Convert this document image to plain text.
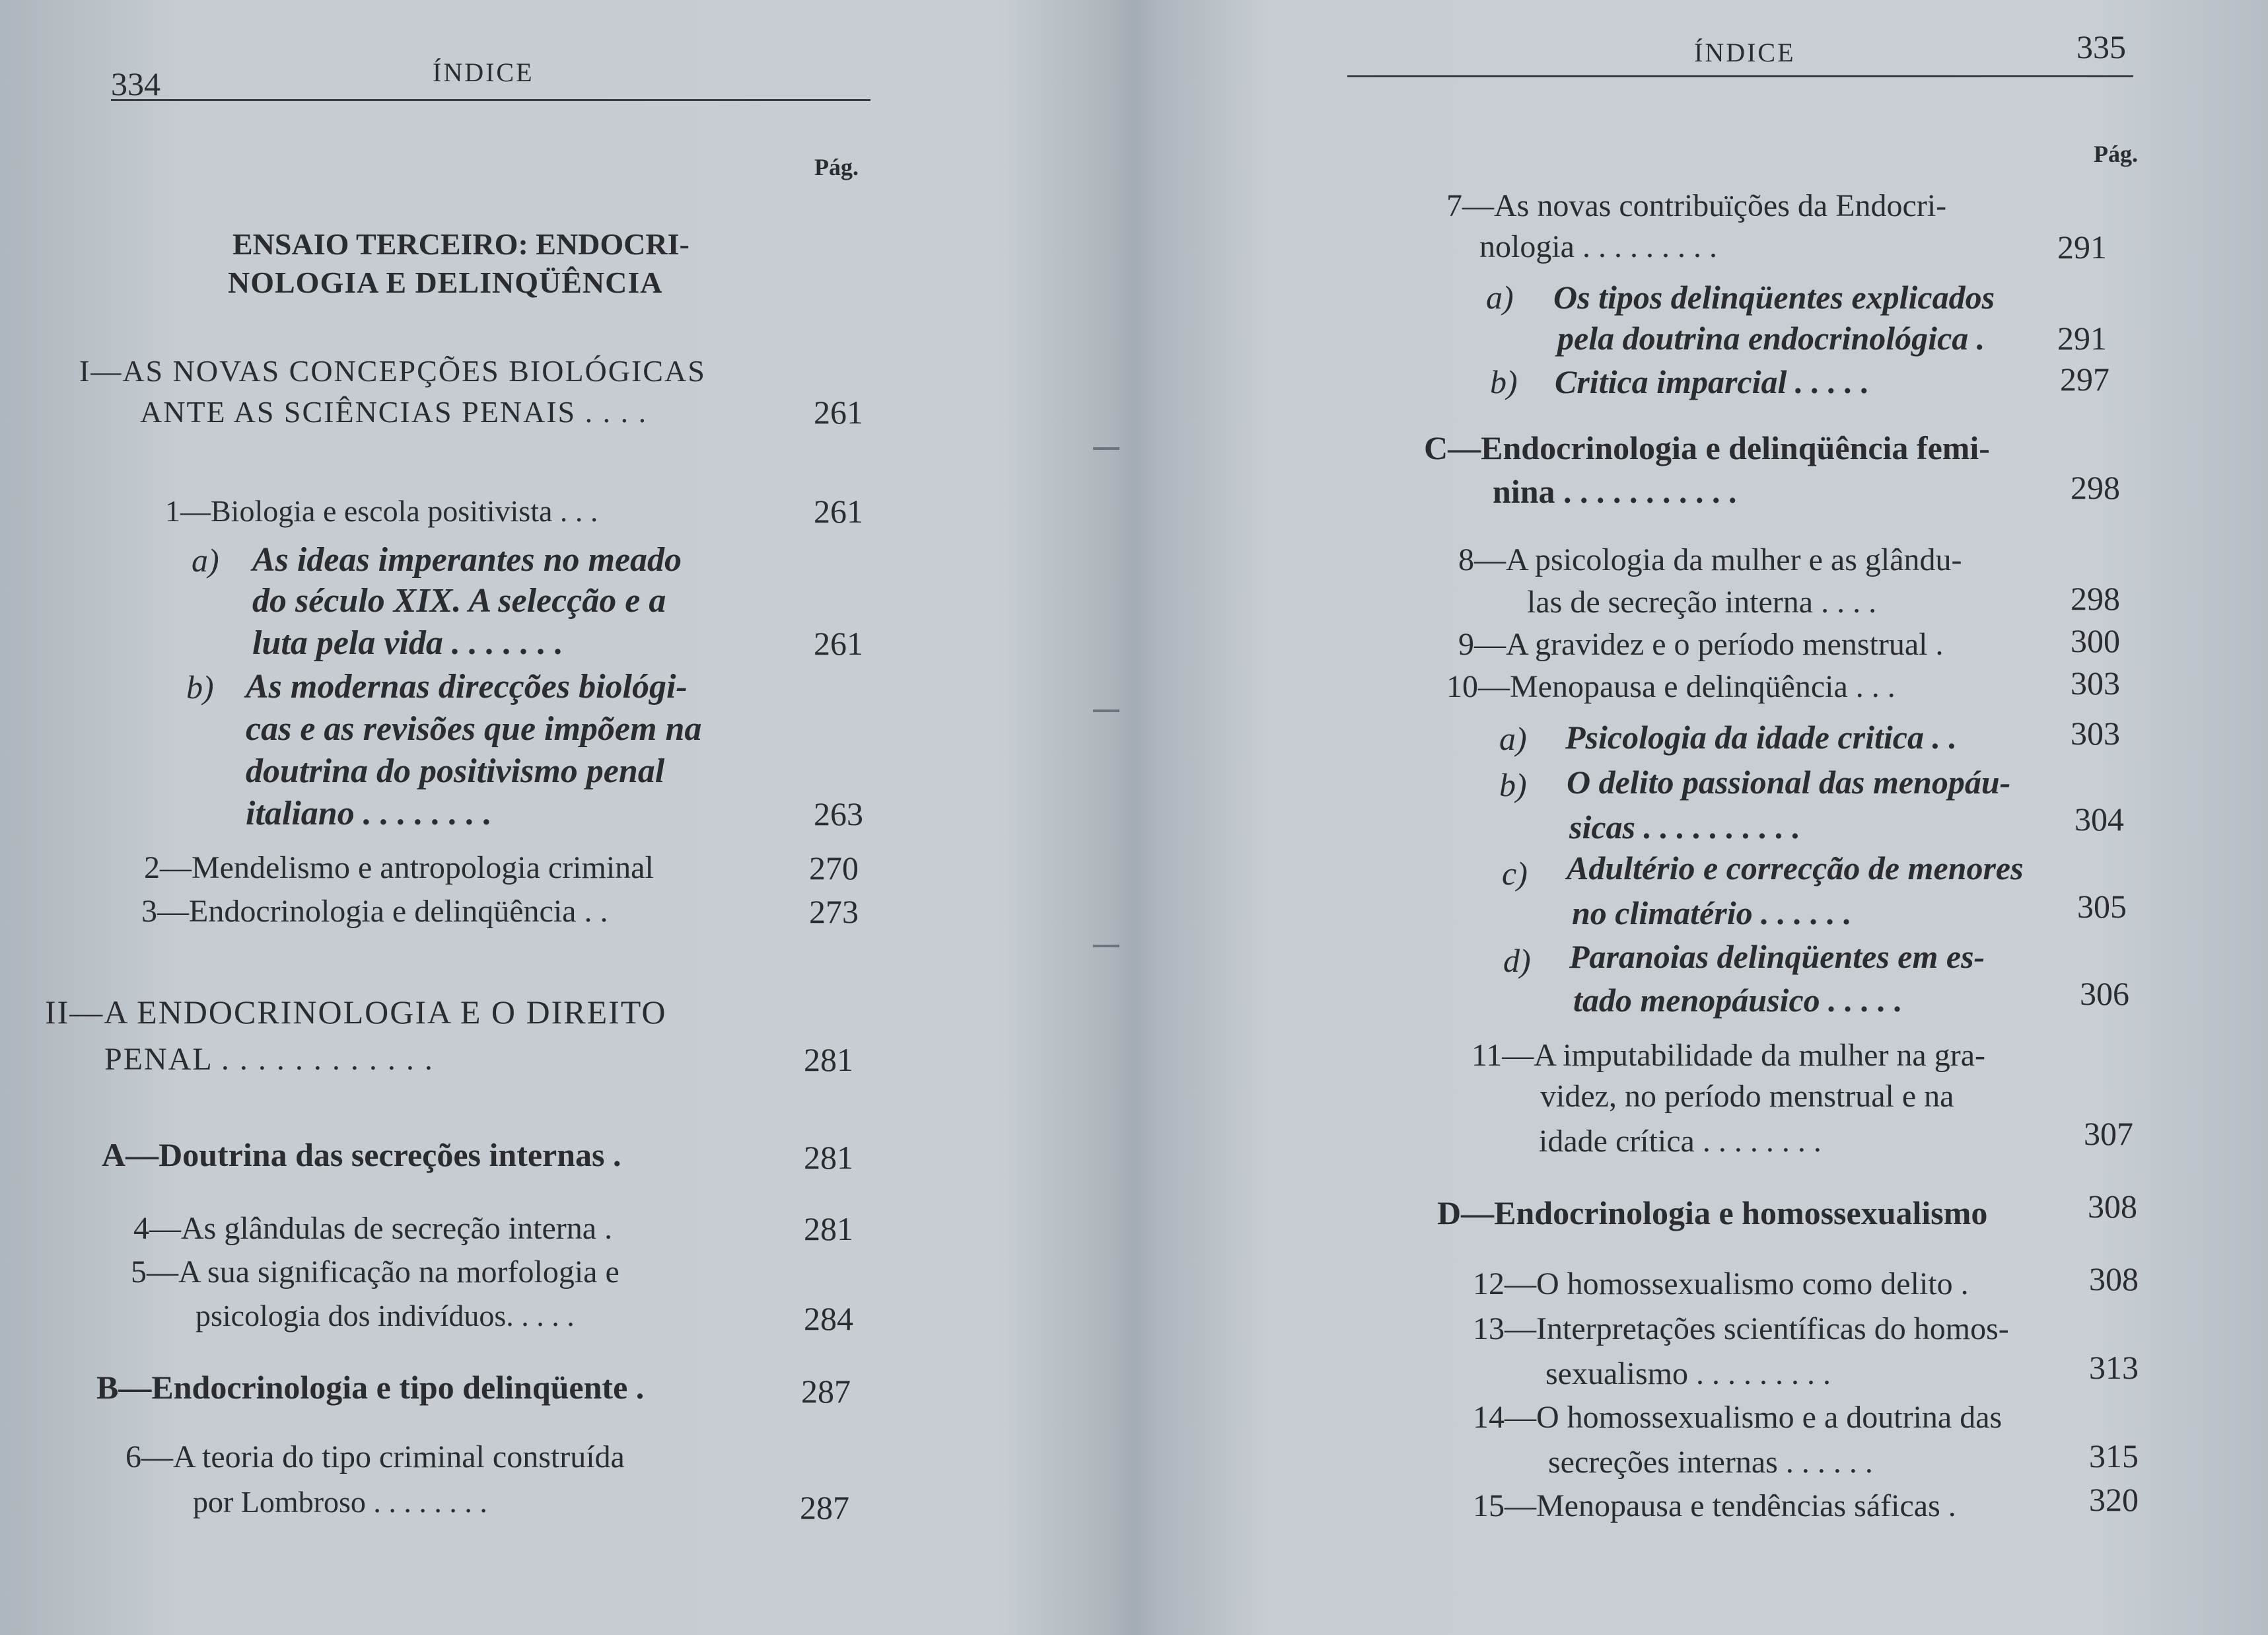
334	ÍNDICE
Pág.
ENSAIO TERCEIRO: ENDOCRI-
NOLOGIA E DELINQÜÊNCIA
I—AS NOVAS CONCEPÇÕES BIOLÓGICAS
ANTE AS SCIÊNCIAS PENAIS . . . .	261
1—Biologia e escola positivista . . .	261
a) As ideas imperantes no meado
do século XIX. A selecção e a
luta pela vida . . . . . . .	261
b) As modernas direcções biológi-
cas e as revisões que impõem na
doutrina do positivismo penal
italiano . . . . . . . .	263
2—Mendelismo e antropologia criminal	270
3—Endocrinologia e delinqüência . .	273
II—A ENDOCRINOLOGIA E O DIREITO
PENAL . . . . . . . . . . . .	281
A—Doutrina das secreções internas .	281
4—As glândulas de secreção interna .	281
5—A sua significação na morfologia e
psicologia dos indivíduos. . . . .	284
B—Endocrinologia e tipo delinqüente .	287
6—A teoria do tipo criminal construída
por Lombroso . . . . . . . .	287
ÍNDICE	335
Pág.
7—As novas contribuïções da Endocri-
nologia . . . . . . . . .	291
a) Os tipos delinqüentes explicados
pela doutrina endocrinológica .	291
b) Critica imparcial . . . . .	297
C—Endocrinologia e delinqüência femi-
nina . . . . . . . . . . .	298
8—A psicologia da mulher e as glându-
las de secreção interna . . . .	298
9—A gravidez e o período menstrual .	300
10—Menopausa e delinqüência . . .	303
a) Psicologia da idade critica . .	303
b) O delito passional das menopáu-
sicas . . . . . . . . . .	304
c) Adultério e correcção de menores
no climatério . . . . . .	305
d) Paranoias delinqüentes em es-
tado menopáusico . . . . .	306
11—A imputabilidade da mulher na gra-
videz, no período menstrual e na
idade crítica . . . . . . . .	307
D—Endocrinologia e homossexualismo	308
12—O homossexualismo como delito .	308
13—Interpretações scientíficas do homos-
sexualismo . . . . . . . . .	313
14—O homossexualismo e a doutrina das
secreções internas . . . . . .	315
15—Menopausa e tendências sáficas .	320
